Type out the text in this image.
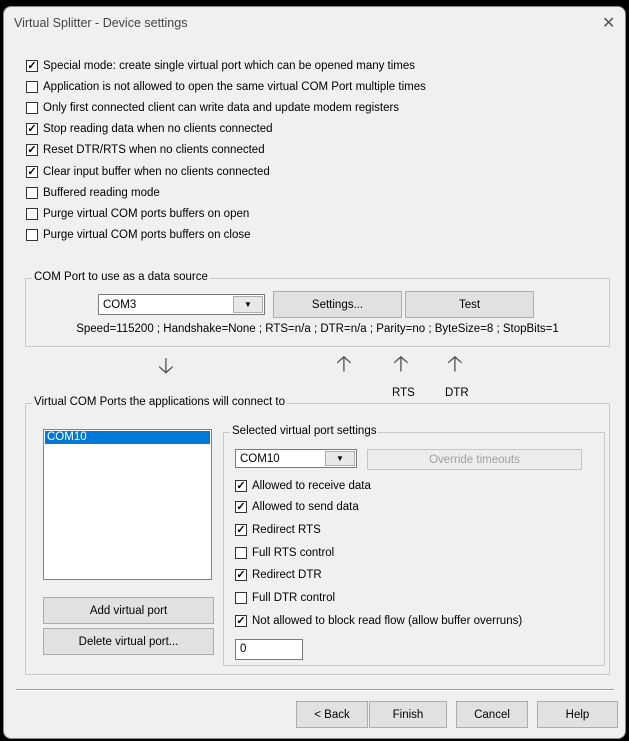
Virtual Splitter - Device settings	✕
✓ Special mode: create single virtual port which can be opened many times
Application is not allowed to open the same virtual COM Port multiple times
Only first connected client can write data and update modem registers
✓ Stop reading data when no clients connected
✓ Reset DTR/RTS when no clients connected
✓ Clear input buffer when no clients connected
Buffered reading mode
Purge virtual COM ports buffers on open
Purge virtual COM ports buffers on close
COM Port to use as a data source
COM3	▼	Settings...	Test
Speed=115200 ; Handshake=None ; RTS=n/a ; DTR=n/a ; Parity=no ; ByteSize=8 ; StopBits=1
🡣	🡡 🡡 🡡
RTS	DTR
Virtual COM Ports the applications will connect to
COM10
Add virtual port
Delete virtual port...
Selected virtual port settings
COM10	▼	Override timeouts
✓ Allowed to receive data
✓ Allowed to send data
✓ Redirect RTS
Full RTS control
✓ Redirect DTR
Full DTR control
✓ Not allowed to block read flow (allow buffer overruns)
0
< Back	Finish	Cancel	Help
